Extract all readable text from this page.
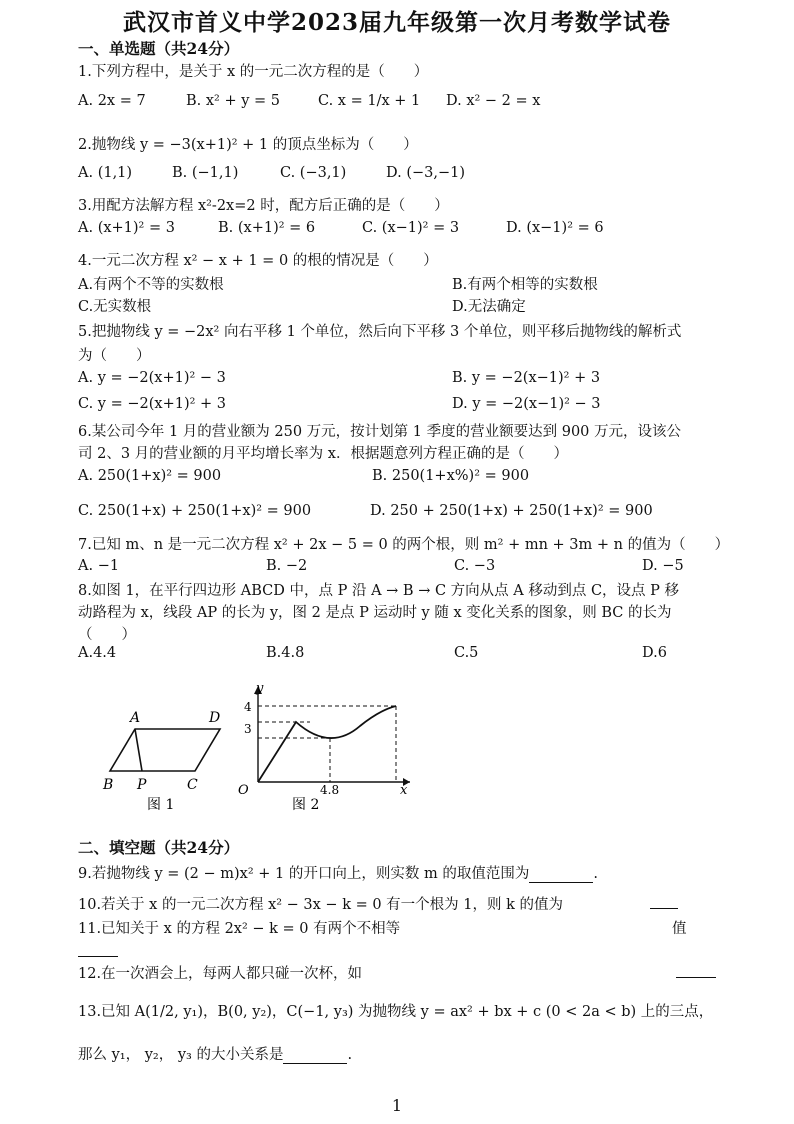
武汉市首义中学2023届九年级第一次月考数学试卷
一、单选题（共24分）
1.下列方程中，是关于 x 的一元二次方程的是（　　）
A. 2x = 7	B. x² + y = 5	C. x = 1/x + 1 D. x² − 2 = x
2.抛物线 y = −3(x+1)² + 1 的顶点坐标为（　　）
A. (1,1)	B. (−1,1)	C. (−3,1)	D. (−3,−1)
3.用配方法解方程 x²-2x=2 时，配方后正确的是（　　）
A. (x+1)² = 3	B. (x+1)² = 6	C. (x−1)² = 3	D. (x−1)² = 6
4.一元二次方程 x² − x + 1 = 0 的根的情况是（　　）
A.有两个不等的实数根	B.有两个相等的实数根
C.无实数根	D.无法确定
5.把抛物线 y = −2x² 向右平移 1 个单位，然后向下平移 3 个单位，则平移后抛物线的解析式
为（　　）
A. y = −2(x+1)² − 3	B. y = −2(x−1)² + 3
C. y = −2(x+1)² + 3	D. y = −2(x−1)² − 3
6.某公司今年 1 月的营业额为 250 万元，按计划第 1 季度的营业额要达到 900 万元，设该公
司 2、3 月的营业额的月平均增长率为 x．根据题意列方程正确的是（　　）
A. 250(1+x)² = 900	B. 250(1+x%)² = 900
C. 250(1+x) + 250(1+x)² = 900	D. 250 + 250(1+x) + 250(1+x)² = 900
7.已知 m、n 是一元二次方程 x² + 2x − 5 = 0 的两个根，则 m² + mn + 3m + n 的值为（　　）
A. −1	B. −2	C. −3	D. −5
8.如图 1，在平行四边形 ABCD 中，点 P 沿 A → B → C 方向从点 A 移动到点 C，设点 P 移
动路程为 x，线段 AP 的长为 y，图 2 是点 P 运动时 y 随 x 变化关系的图象，则 BC 的长为
（　　）
A.4.4	B.4.8	C.5	D.6
A	D
B P	C
图 1
y
x
O
4
3
4.8
图 2
二、填空题（共24分）
9.若抛物线 y = (2 − m)x² + 1 的开口向上，则实数 m 的取值范围为	.
10.若关于 x 的一元二次方程 x² − 3x − k = 0 有一个根为 1，则 k 的值为
11.已知关于 x 的方程 2x² − k = 0 有两个不相等	值
12.在一次酒会上，每两人都只碰一次杯，如
13.已知 A(1/2, y₁)，B(0, y₂)，C(−1, y₃) 为抛物线 y = ax² + bx + c (0 < 2a < b) 上的三点，
那么 y₁， y₂， y₃ 的大小关系是	.
1
